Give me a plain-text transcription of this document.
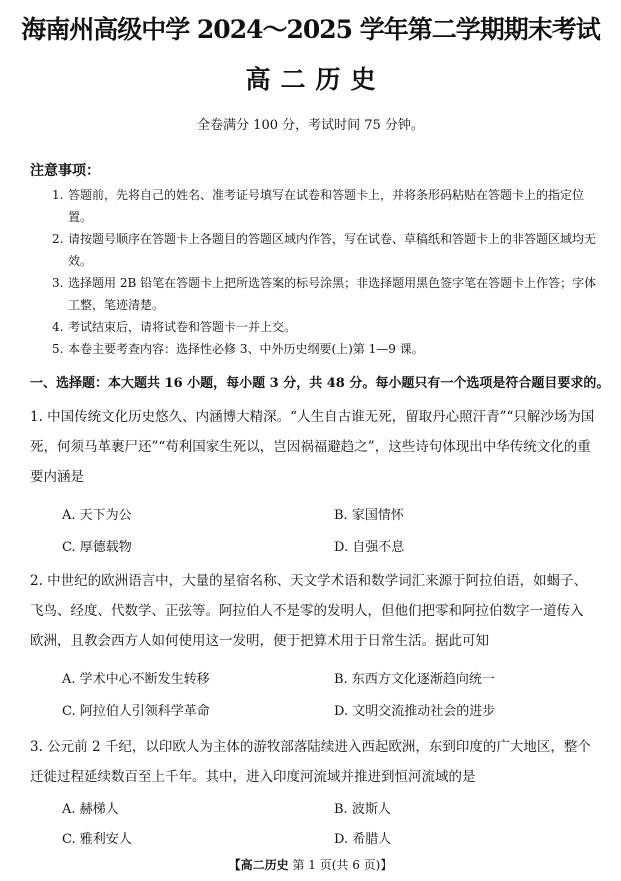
海南州高级中学 2024～2025 学年第二学期期末考试
高二历史
全卷满分 100 分，考试时间 75 分钟。
注意事项：
1. 答题前，先将自己的姓名、准考证号填写在试卷和答题卡上，并将条形码粘贴在答题卡上的指定位置。
2. 请按题号顺序在答题卡上各题目的答题区域内作答，写在试卷、草稿纸和答题卡上的非答题区域均无效。
3. 选择题用 2B 铅笔在答题卡上把所选答案的标号涂黑；非选择题用黑色签字笔在答题卡上作答；字体工整，笔迹清楚。
4. 考试结束后，请将试卷和答题卡一并上交。
5. 本卷主要考查内容：选择性必修 3、中外历史纲要(上)第 1—9 课。
一、选择题：本大题共 16 小题，每小题 3 分，共 48 分。每小题只有一个选项是符合题目要求的。
1. 中国传统文化历史悠久、内涵博大精深。“人生自古谁无死，留取丹心照汗青”“只解沙场为国死，何须马革裹尸还”“苟利国家生死以，岂因祸福避趋之”，这些诗句体现出中华传统文化的重要内涵是
A. 天下为公	B. 家国情怀
C. 厚德载物	D. 自强不息
2. 中世纪的欧洲语言中，大量的星宿名称、天文学术语和数学词汇来源于阿拉伯语，如蝎子、飞鸟、经度、代数学、正弦等。阿拉伯人不是零的发明人，但他们把零和阿拉伯数字一道传入欧洲，且教会西方人如何使用这一发明，便于把算术用于日常生活。据此可知
A. 学术中心不断发生转移	B. 东西方文化逐渐趋向统一
C. 阿拉伯人引领科学革命	D. 文明交流推动社会的进步
3. 公元前 2 千纪，以印欧人为主体的游牧部落陆续进入西起欧洲，东到印度的广大地区，整个迁徙过程延续数百至上千年。其中，进入印度河流域并推进到恒河流域的是
A. 赫梯人	B. 波斯人
C. 雅利安人	D. 希腊人
【高二历史 第 1 页(共 6 页)】
